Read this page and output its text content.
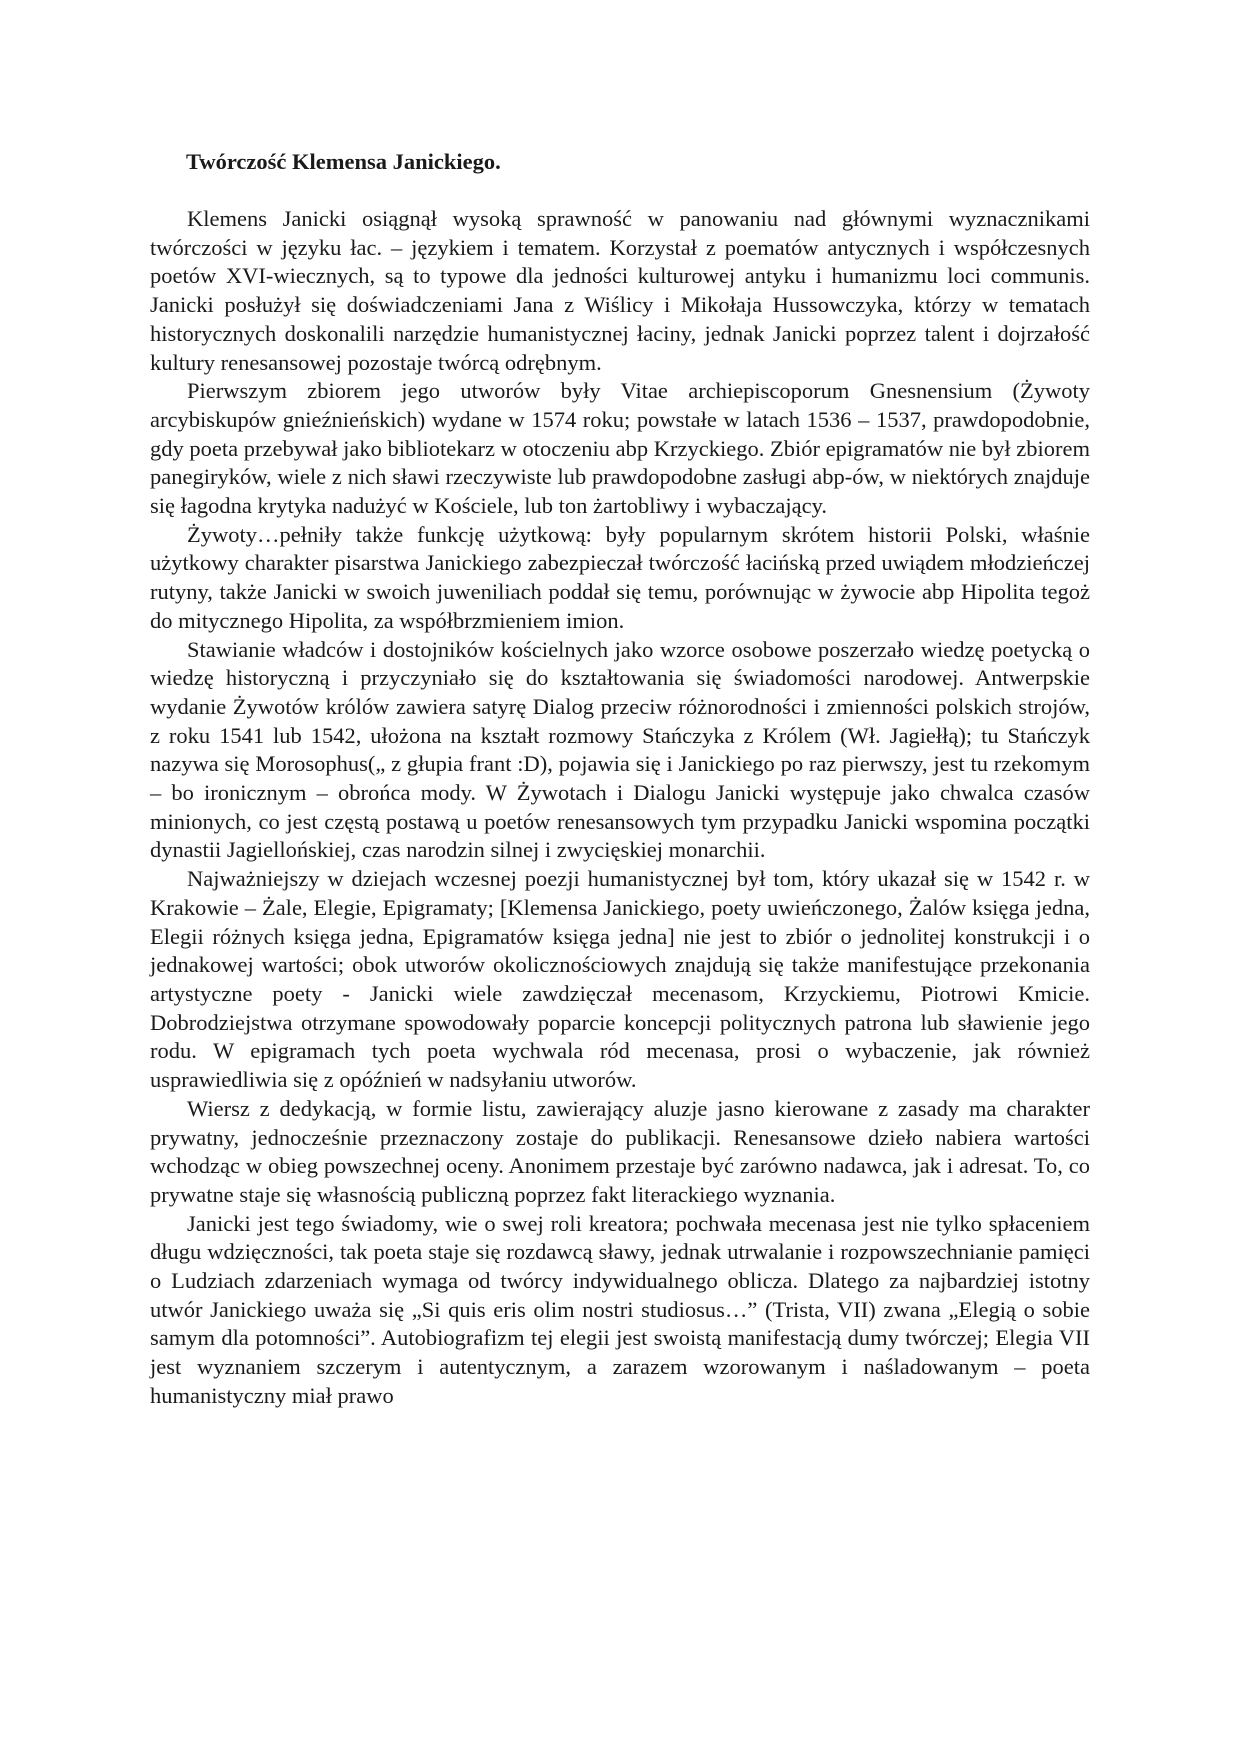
Twórczość Klemensa Janickiego.

Klemens Janicki osiągnął wysoką sprawność w panowaniu nad głównymi wyznacznikami twórczości w języku łac. – językiem i tematem. Korzystał z poematów antycznych i współczesnych poetów XVI-wiecznych, są to typowe dla jedności kulturowej antyku i humanizmu loci communis. Janicki posłużył się doświadczeniami Jana z Wiślicy i Mikołaja Hussowczyka, którzy w tematach historycznych doskonalili narzędzie humanistycznej łaciny, jednak Janicki poprzez talent i dojrzałość kultury renesansowej pozostaje twórcą odrębnym.

Pierwszym zbiorem jego utworów były Vitae archiepiscoporum Gnesnensium (Żywoty arcybiskupów gnieźnieńskich) wydane w 1574 roku; powstałe w latach 1536 – 1537, prawdopodobnie, gdy poeta przebywał jako bibliotekarz w otoczeniu abp Krzyckiego. Zbiór epigramatów nie był zbiorem panegiryków, wiele z nich sławi rzeczywiste lub prawdopodobne zasługi abp-ów, w niektórych znajduje się łagodna krytyka nadużyć w Kościele, lub ton żartobliwy i wybaczający.

Żywoty…pełniły także funkcję użytkową: były popularnym skrótem historii Polski, właśnie użytkowy charakter pisarstwa Janickiego zabezpieczał twórczość łacińską przed uwiądem młodzieńczej rutyny, także Janicki w swoich juweniliach poddał się temu, porównując w żywocie abp Hipolita tegoż do mitycznego Hipolita, za współbrzmieniem imion.

Stawianie władców i dostojników kościelnych jako wzorce osobowe poszerzało wiedzę poetycką o wiedzę historyczną i przyczyniało się do kształtowania się świadomości narodowej. Antwerpskie wydanie Żywotów królów zawiera satyrę Dialog przeciw różnorodności i zmienności polskich strojów, z roku 1541 lub 1542, ułożona na kształt rozmowy Stańczyka z Królem (Wł. Jagiełłą); tu Stańczyk nazywa się Morosophus(„ z głupia frant :D), pojawia się i Janickiego po raz pierwszy, jest tu rzekomym – bo ironicznym – obrońca mody. W Żywotach i Dialogu Janicki występuje jako chwalca czasów minionych, co jest częstą postawą u poetów renesansowych tym przypadku Janicki wspomina początki dynastii Jagiellońskiej, czas narodzin silnej i zwycięskiej monarchii.

Najważniejszy w dziejach wczesnej poezji humanistycznej był tom, który ukazał się w 1542 r. w Krakowie – Żale, Elegie, Epigramaty; [Klemensa Janickiego, poety uwieńczonego, Żalów księga jedna, Elegii różnych księga jedna, Epigramatów księga jedna] nie jest to zbiór o jednolitej konstrukcji i o jednakowej wartości; obok utworów okolicznościowych znajdują się także manifestujące przekonania artystyczne poety - Janicki wiele zawdzięczał mecenasom, Krzyckiemu, Piotrowi Kmicie. Dobrodziejstwa otrzymane spowodowały poparcie koncepcji politycznych patrona lub sławienie jego rodu. W epigramach tych poeta wychwala ród mecenasa, prosi o wybaczenie, jak również usprawiedliwia się z opóźnień w nadsyłaniu utworów.

Wiersz z dedykacją, w formie listu, zawierający aluzje jasno kierowane z zasady ma charakter prywatny, jednocześnie przeznaczony zostaje do publikacji. Renesansowe dzieło nabiera wartości wchodząc w obieg powszechnej oceny. Anonimem przestaje być zarówno nadawca, jak i adresat. To, co prywatne staje się własnością publiczną poprzez fakt literackiego wyznania.

Janicki jest tego świadomy, wie o swej roli kreatora; pochwała mecenasa jest nie tylko spłaceniem długu wdzięczności, tak poeta staje się rozdawcą sławy, jednak utrwalanie i rozpowszechnianie pamięci o Ludziach zdarzeniach wymaga od twórcy indywidualnego oblicza. Dlatego za najbardziej istotny utwór Janickiego uważa się „Si quis eris olim nostri studiosus…” (Trista, VII) zwana „Elegią o sobie samym dla potomności”. Autobiografizm tej elegii jest swoistą manifestacją dumy twórczej; Elegia VII jest wyznaniem szczerym i autentycznym, a zarazem wzorowanym i naśladowanym – poeta humanistyczny miał prawo
